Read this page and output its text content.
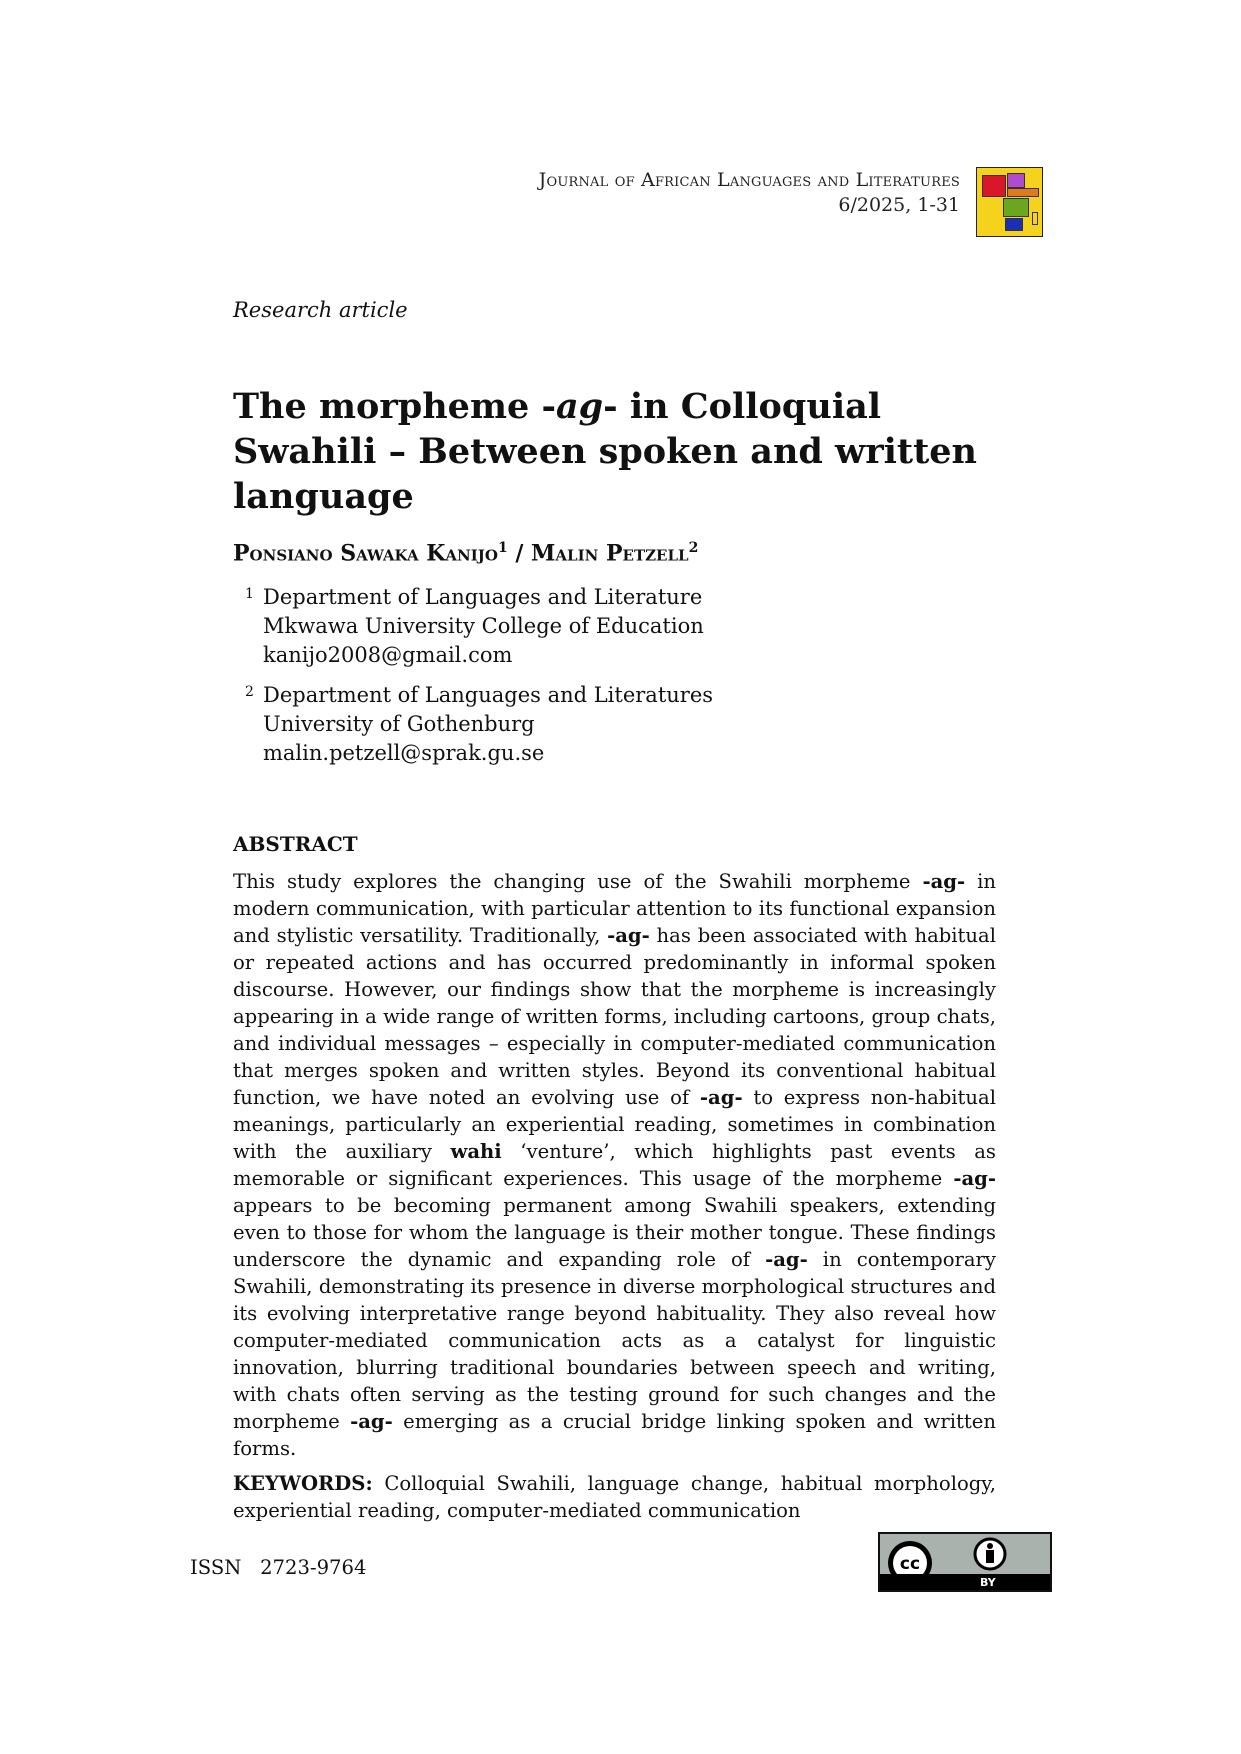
Journal of African Languages and Literatures
6/2025, 1-31
Research article
The morpheme -ag- in Colloquial Swahili – Between spoken and written language
Ponsiano Sawaka Kanijo$^1$ / Malin Petzell$^2$
1 Department of Languages and Literature
Mkwawa University College of Education
kanijo2008@gmail.com
2 Department of Languages and Literatures
University of Gothenburg
malin.petzell@sprak.gu.se
ABSTRACT

This study explores the changing use of the Swahili morpheme -ag- in modern communication, with particular attention to its functional expansion and stylistic versatility. Traditionally, -ag- has been associated with habitual or repeated actions and has occurred predominantly in informal spoken discourse. However, our findings show that the morpheme is increasingly appearing in a wide range of written forms, including cartoons, group chats, and individual messages – especially in computer-mediated communication that merges spoken and written styles. Beyond its conventional habitual function, we have noted an evolving use of -ag- to express non-habitual meanings, particularly an experiential reading, sometimes in combination with the auxiliary wahi ‘venture’, which highlights past events as memorable or significant experiences. This usage of the morpheme -ag- appears to be becoming permanent among Swahili speakers, extending even to those for whom the language is their mother tongue. These findings underscore the dynamic and expanding role of -ag- in contemporary Swahili, demonstrating its presence in diverse morphological structures and its evolving interpretative range beyond habituality. They also reveal how computer-mediated communication acts as a catalyst for linguistic innovation, blurring traditional boundaries between speech and writing, with chats often serving as the testing ground for such changes and the morpheme -ag- emerging as a crucial bridge linking spoken and written forms.

KEYWORDS: Colloquial Swahili, language change, habitual morphology, experiential reading, computer-mediated communication

ISSN 2723-9764	cc
BY
